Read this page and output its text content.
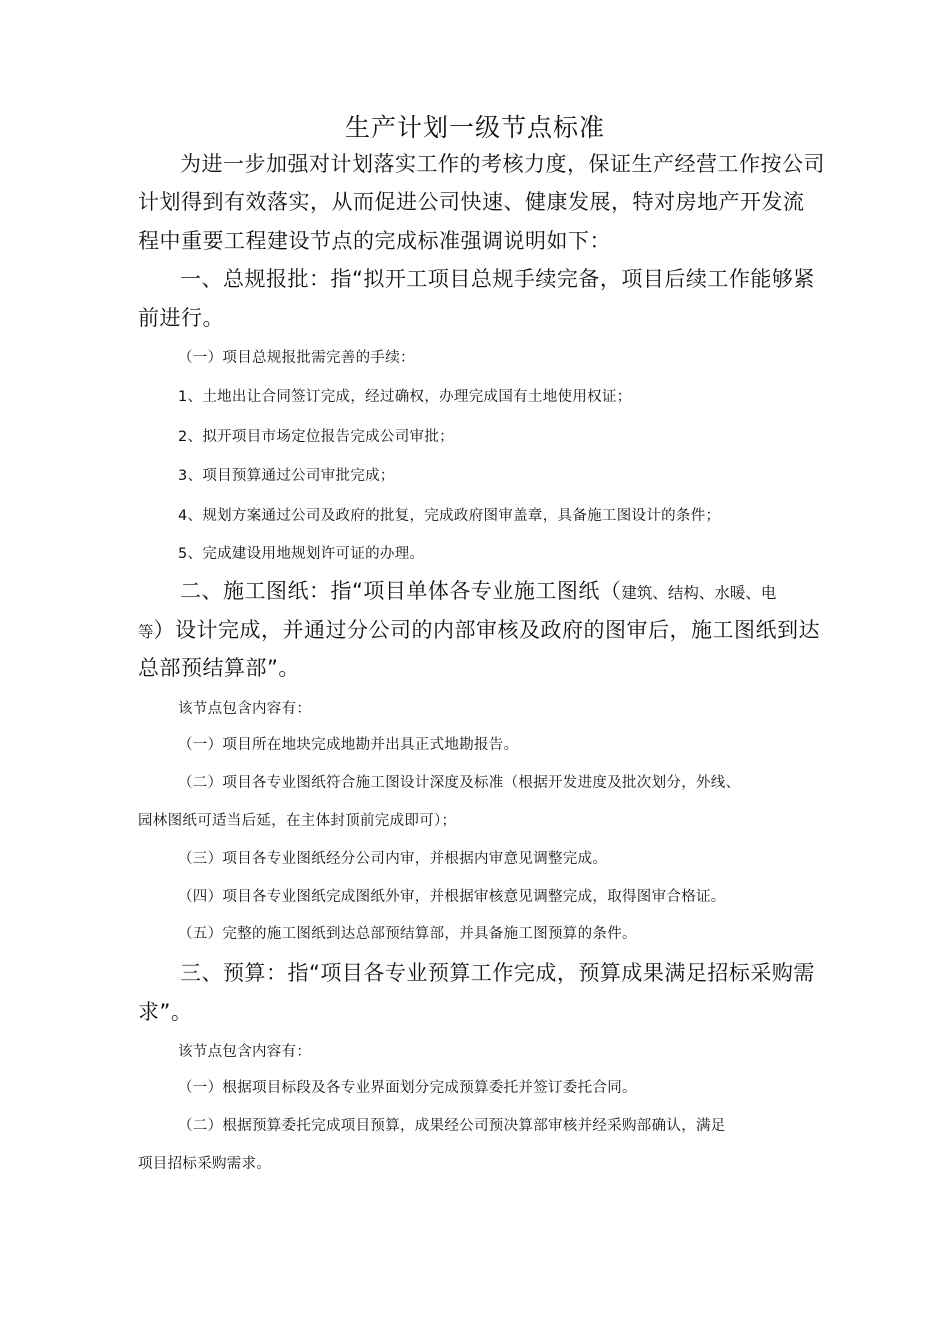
生产计划一级节点标准
为进一步加强对计划落实工作的考核力度，保证生产经营工作按公司
计划得到有效落实，从而促进公司快速、健康发展，特对房地产开发流
程中重要工程建设节点的完成标准强调说明如下：
一、总规报批：指“拟开工项目总规手续完备，项目后续工作能够紧
前进行。
（一）项目总规报批需完善的手续：
1、土地出让合同签订完成，经过确权，办理完成国有土地使用权证；
2、拟开项目市场定位报告完成公司审批；
3、项目预算通过公司审批完成；
4、规划方案通过公司及政府的批复，完成政府图审盖章，具备施工图设计的条件；
5、完成建设用地规划许可证的办理。
二、施工图纸：指“项目单体各专业施工图纸（建筑、结构、水暖、电
等）设计完成，并通过分公司的内部审核及政府的图审后，施工图纸到达
总部预结算部”。
该节点包含内容有：
（一）项目所在地块完成地勘并出具正式地勘报告。
（二）项目各专业图纸符合施工图设计深度及标准（根据开发进度及批次划分，外线、
园林图纸可适当后延，在主体封顶前完成即可）；
（三）项目各专业图纸经分公司内审，并根据内审意见调整完成。
（四）项目各专业图纸完成图纸外审，并根据审核意见调整完成，取得图审合格证。
（五）完整的施工图纸到达总部预结算部，并具备施工图预算的条件。
三、预算：指“项目各专业预算工作完成，预算成果满足招标采购需
求”。
该节点包含内容有：
（一）根据项目标段及各专业界面划分完成预算委托并签订委托合同。
（二）根据预算委托完成项目预算，成果经公司预决算部审核并经采购部确认，满足
项目招标采购需求。
